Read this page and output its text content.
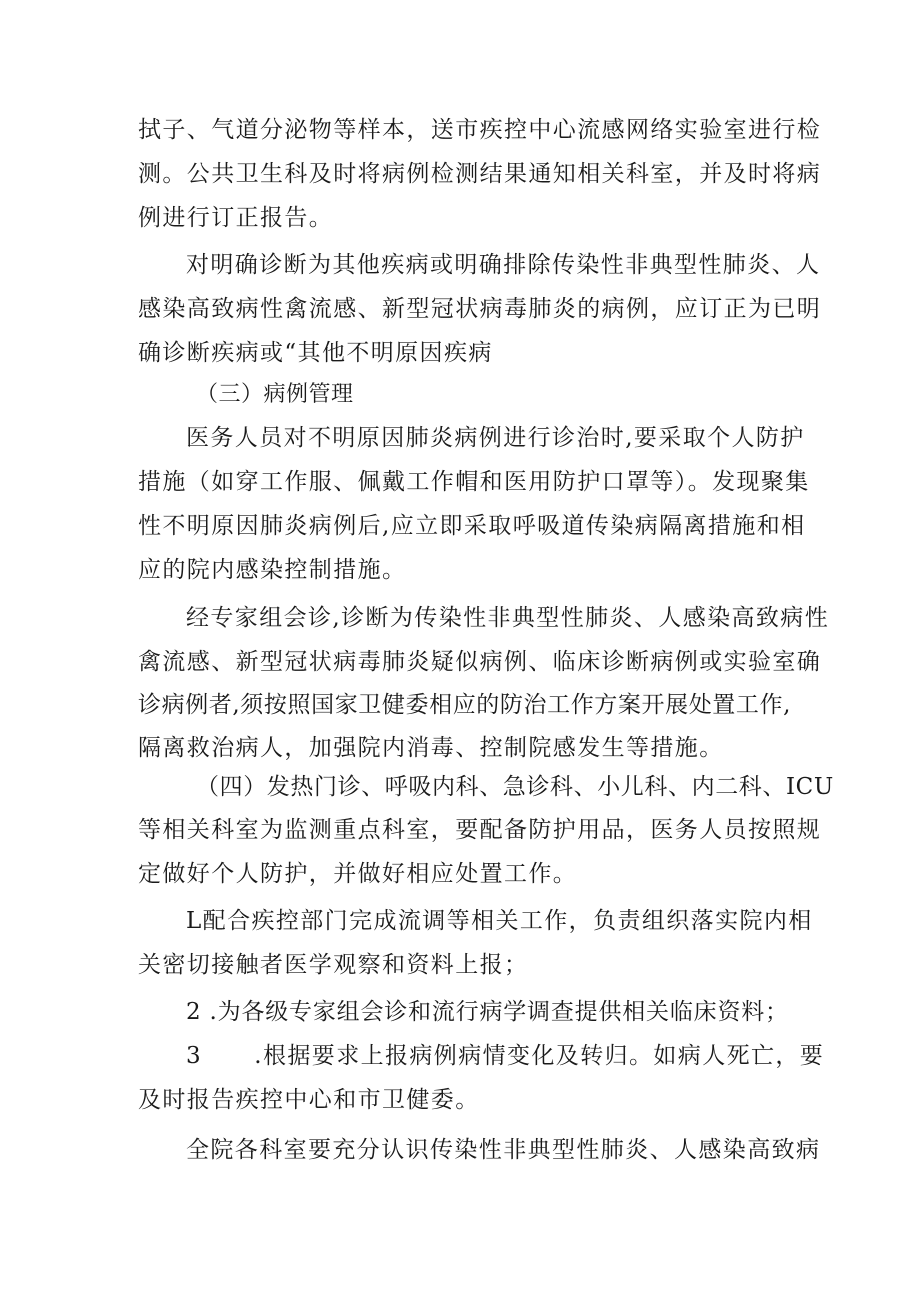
拭子、气道分泌物等样本，送市疾控中心流感网络实验室进行检
测。公共卫生科及时将病例检测结果通知相关科室，并及时将病
例进行订正报告。
对明确诊断为其他疾病或明确排除传染性非典型性肺炎、人
感染高致病性禽流感、新型冠状病毒肺炎的病例，应订正为已明
确诊断疾病或“其他不明原因疾病
（三）病例管理
医务人员对不明原因肺炎病例进行诊治时,要采取个人防护
措施（如穿工作服、佩戴工作帽和医用防护口罩等）。发现聚集
性不明原因肺炎病例后,应立即采取呼吸道传染病隔离措施和相
应的院内感染控制措施。
经专家组会诊,诊断为传染性非典型性肺炎、人感染高致病性
禽流感、新型冠状病毒肺炎疑似病例、临床诊断病例或实验室确
诊病例者,须按照国家卫健委相应的防治工作方案开展处置工作,
隔离救治病人，加强院内消毒、控制院感发生等措施。
（四）发热门诊、呼吸内科、急诊科、小儿科、内二科、ICU
等相关科室为监测重点科室，要配备防护用品，医务人员按照规
定做好个人防护，并做好相应处置工作。
L配合疾控部门完成流调等相关工作，负责组织落实院内相
关密切接触者医学观察和资料上报；
2 .为各级专家组会诊和流行病学调查提供相关临床资料；
3      .根据要求上报病例病情变化及转归。如病人死亡，要
及时报告疾控中心和市卫健委。
全院各科室要充分认识传染性非典型性肺炎、人感染高致病
